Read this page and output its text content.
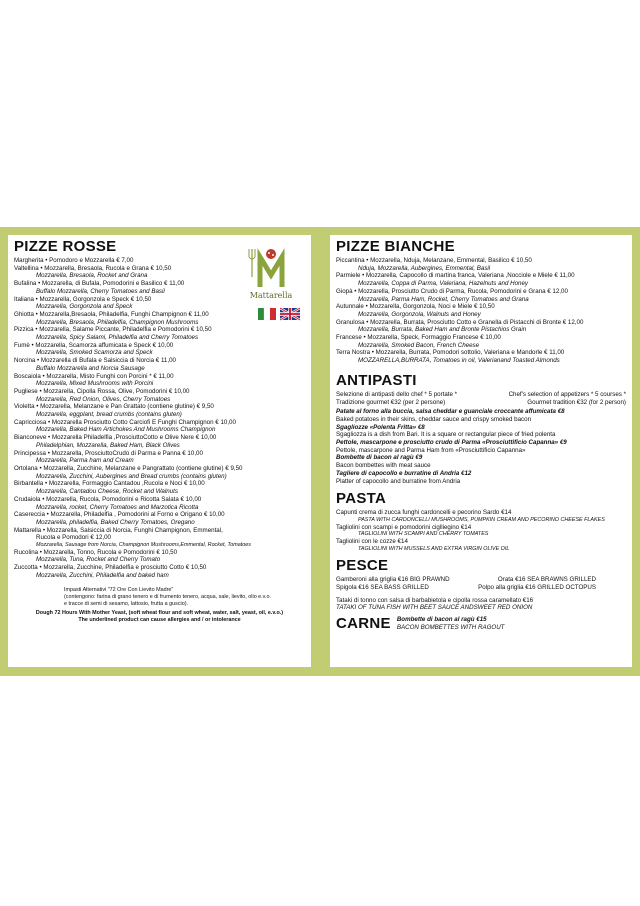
PIZZE ROSSE
Margherita • Pomodoro e Mozzarella € 7,00
Valtellina • Mozzarella, Bresaola, Rucola e Grana € 10,50
Mozzarella, Bresaola, Rocket and Grana
Bufalina • Mozzarella, di Bufala, Pomodorini e Basilico € 11,00
Buffalo Mozzarella, Cherry Tomatoes and Basil
Italiana • Mozzarella, Gorgonzola e Speck € 10,50
Mozzarella, Gorgonzola and Speck
Ghiotta • Mozzarella,Bresaola, Philadelfia, Funghi Champignon € 11,00
Mozzarella, Bresaola, Philadelfia, Champignon Mushrooms
Pizzica • Mozzarella, Salame Piccante, Philadelfia e Pomodorini € 10,50
Mozzarella, Spicy Salami, Philadelfia and Cherry Tomatoes
Fumè • Mozzarella, Scamorza affumicata e Speck € 10,00
Mozzarella, Smoked Scamorza and Speck
Norcina • Mozzarella di Bufala e Salsiccia di Norcia € 11,00
Buffalo Mozzarella and Norcia Sausage
Boscaiola • Mozzarella, Misto Funghi con Porcini * € 11,00
Mozzarella, Mixed Mushrooms with Porcini
Pugliese • Mozzarella, Cipolla Rossa, Olive, Pomodorini € 10,00
Mozzarella, Red Onion, Olives, Cherry Tomatoes
Violetta • Mozzarella, Melanzane e Pan Grattato (contiene glutine) € 9,50
Mozzarella, eggplant, bread crumbs (contains gluten)
Capricciosa • Mozzarella Prosciutto Cotto Carciofi E Funghi Champignon € 10,00
Mozzarella, Baked Ham Artichokes And Mushrooms Champignon
Bianconeve • Mozzarella Philadelfia ,ProsciuttoCotto e Olive Nere € 10,00
Philadelphian, Mozzarella, Baked Ham, Black Olives
Principessa • Mozzarella, ProsciuttoCrudo di Parma e Panna € 10,00
Mozzarella, Parma ham and Cream
Ortolana • Mozzarella, Zucchine, Melanzane e Pangrattato (contiene glutine) € 9,50
Mozzarella, Zucchini, Aubergines and Bread crumbs (contains gluten)
Birbantella • Mozzarella, Formaggio Cantadou ,Rucola e Noci € 10,00
Mozzarella, Cantadou Cheese, Rocket and Walnuts
Crudaiola • Mozzarella, Rucola, Pomodorini e Ricotta Salata € 10,00
Mozzarella, rocket, Cherry Tomatoes and Marzotica Ricotta
Casereccia • Mozzarella, Philadelfia , Pomodorini al Forno e Origano € 10,00
Mozzarella, philadelfia, Baked Cherry Tomatoes, Oregano
Mattarella • Mozzarella, Salsiccia di Norcia, Funghi Champignon, Emmental,
Rucola e Pomodori € 12,00
Mozzarella, Sausage from Norcia, Champignon Mushrooms,Emmental, Rocket, Tomatoes
Rucolina • Mozzarella, Tonno, Rucola e Pomodorini € 10,50
Mozzarella, Tuna, Rocket and Cherry Tomato
Zuccotta • Mozzarella, Zucchine, Philadelfia e prosciutto Cotto € 10,50
Mozzarella, Zucchini, Philadelfia and baked ham
Impasti Alternativi "72 Ore Con Lievito Madre"
(contengono: farina di grano tenero e di frumento tenero, acqua, sale, lievito, olio e.v.o.
e tracce di semi di sesamo, lattosio, frutta a guscio).
Dough 72 Hours With Mother Yeast, (soft wheat flour and soft wheat, water, salt, yeast, oil, e.v.o.)
The underlined product can cause allergies and / or intolerance
Mattarella
PIZZE BIANCHE
Piccantina • Mozzarella, Nduja, Melanzane, Emmental, Basilico € 10,50
Nduja, Mozzarella, Aubergines, Emmental, Basil
Parmiele • Mozzarella, Capocollo di martina franca, Valeriana ,Nocciole e Miele € 11,00
Mozzarella, Coppa di Parma, Valeriana, Hazelnuts and Honey
Giopà • Mozzarella, Prosciutto Crudo di Parma, Rucola, Pomodorini e Grana € 12,00
Mozzarella, Parma Ham, Rocket, Cherry Tomatoes and Grana
Autunnale • Mozzarella, Gorgonzola, Noci e Miele € 10,50
Mozzarella, Gorgonzola, Walnuts and Honey
Granulosa • Mozzarella, Burrata, Prosciutto Cotto e Granella di Pistacchi di Bronte € 12,00
Mozzarella, Burrata, Baked Ham and Bronte Pistachios Grain
Francese • Mozzarella, Speck, Formaggio Francese € 10,00
Mozzarella, Smoked Bacon, French Cheese
Terra Nostra • Mozzarella, Burrata, Pomodori sottolio, Valeriana e Mandorle € 11,00
MOZZARELLA,BURRATA, Tomatoes in oil, Valerianand Toasted Almonds
ANTIPASTI
Selezione di antipasti dello chef * 5 portate *	Chef's selection of appetizers * 5 courses *
Tradizione gourmet €32 (per 2 persone)	Gourmet tradition €32 (for 2 person)
Patate al forno alla buccia, salsa cheddar e guanciale croccante affumicata €8
Baked potatoes in their skins, cheddar sauce and crispy smoked bacon
Sgagliozze «Polenta Fritta» €8
Sgagliozza is a dish from Bari. It is a square or rectangular piece of fried polenta
Pettole, mascarpone e prosciutto crudo di Parma «Prosciuttificio Capanna» €9
Pettole, mascarpone and Parma Ham from «Prosciuttificio Capanna»
Bombette di bacon al ragù €9
Bacon bombettes with meat sauce
Tagliere di capocollo e burratine di Andria €12
Platter of capocollo and burratine from Andria
PASTA
Capunti crema di zucca funghi cardoncelli e pecorino Sardo €14
PASTA WITH CARDONCELLI MUSHROOMS, PUMPKIN CREAM AND PECORINO CHEESE FLAKES
Tagliolini con scampi e pomodorini ciglliegino €14
TAGLIOLINI WITH SCAMPI AND CHERRY TOMATES
Tagliolini con le cozze €14
TAGLIOLINI WITH MUSSELS AND EXTRA VIRGIN OLIVE OIL
PESCE
Gamberoni alla griglia €16 BIG PRAWND	Orata €16 SEA BRAWNS GRILLED
Spigola €16 SEA BASS GRILLED	Polpo alla griglia €16 GRILLED OCTOPUS
Tataki di tonno con salsa di barbabietola e cipolla rossa caramellato €16
TATAKI OF TUNA FISH WITH BEET SAUCE ANDSWEET RED ONION
CARNE Bombette di bacon al ragù €15
BACON BOMBETTES WITH RAGOUT
